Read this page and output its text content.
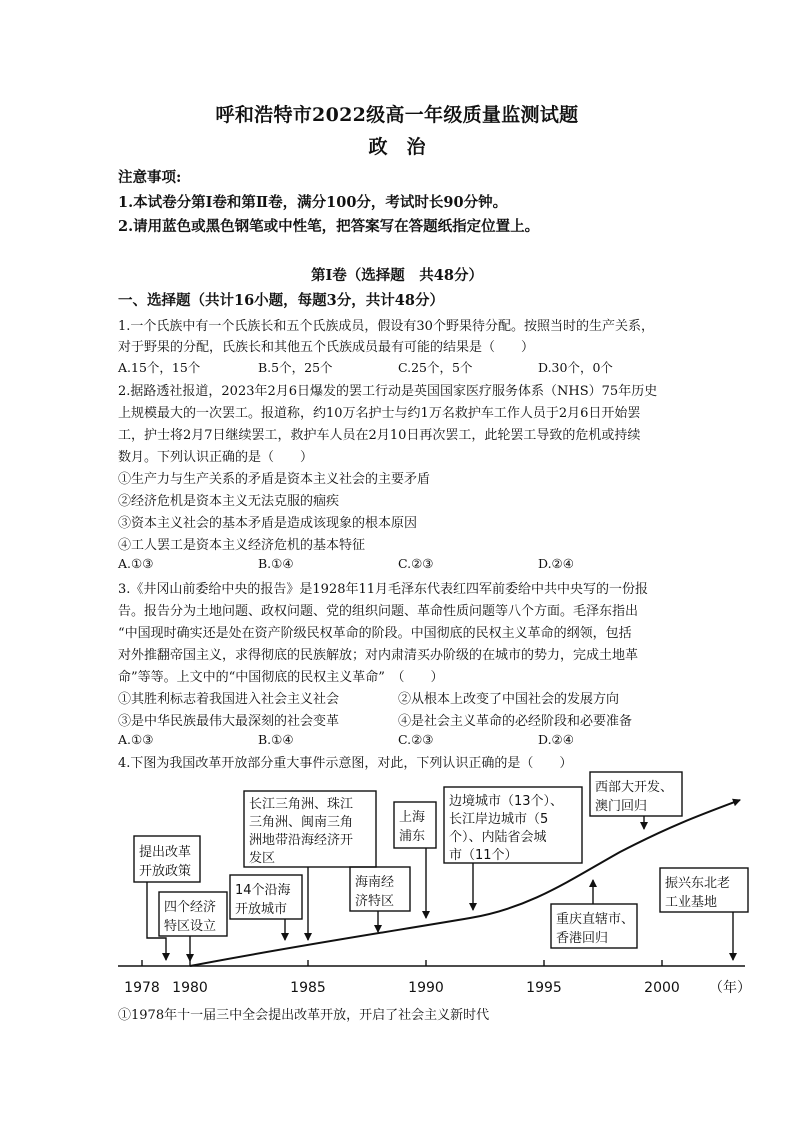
呼和浩特市2022级高一年级质量监测试题
政　治
注意事项:
1.本试卷分第Ⅰ卷和第Ⅱ卷，满分100分，考试时长90分钟。
2.请用蓝色或黑色钢笔或中性笔，把答案写在答题纸指定位置上。
第Ⅰ卷（选择题　共48分）
一、选择题（共计16小题，每题3分，共计48分）
1.一个氏族中有一个氏族长和五个氏族成员，假设有30个野果待分配。按照当时的生产关系，
对于野果的分配，氏族长和其他五个氏族成员最有可能的结果是（　　）
A.15个，15个	B.5个，25个	C.25个，5个	D.30个，0个
2.据路透社报道，2023年2月6日爆发的罢工行动是英国国家医疗服务体系（NHS）75年历史
上规模最大的一次罢工。报道称，约10万名护士与约1万名救护车工作人员于2月6日开始罢
工，护士将2月7日继续罢工，救护车人员在2月10日再次罢工，此轮罢工导致的危机或持续
数月。下列认识正确的是（　　）
①生产力与生产关系的矛盾是资本主义社会的主要矛盾
②经济危机是资本主义无法克服的痼疾
③资本主义社会的基本矛盾是造成该现象的根本原因
④工人罢工是资本主义经济危机的基本特征
A.①③	B.①④	C.②③	D.②④
3.《井冈山前委给中央的报告》是1928年11月毛泽东代表红四军前委给中共中央写的一份报
告。报告分为土地问题、政权问题、党的组织问题、革命性质问题等八个方面。毛泽东指出
“中国现时确实还是处在资产阶级民权革命的阶段。中国彻底的民权主义革命的纲领，包括
对外推翻帝国主义，求得彻底的民族解放；对内肃清买办阶级的在城市的势力，完成土地革
命”等等。上文中的“中国彻底的民权主义革命”　（　　）
①其胜利标志着我国进入社会主义社会	②从根本上改变了中国社会的发展方向
③是中华民族最伟大最深刻的社会变革	④是社会主义革命的必经阶段和必要准备
A.①③	B.①④	C.②③	D.②④
4.下图为我国改革开放部分重大事件示意图，对此，下列认识正确的是（　　）
1978 1980	1985	1990	1995	2000 （年）
提出改革
开放政策
四个经济
特区设立
14个沿海
开放城市
长江三角洲、珠江
三角洲、闽南三角
洲地带沿海经济开
发区
海南经
济特区
上海
浦东
边境城市（13个）、
长江岸边城市（5
个）、内陆省会城
市（11个）
重庆直辖市、
香港回归
西部大开发、
澳门回归
振兴东北老
工业基地
①1978年十一届三中全会提出改革开放，开启了社会主义新时代
